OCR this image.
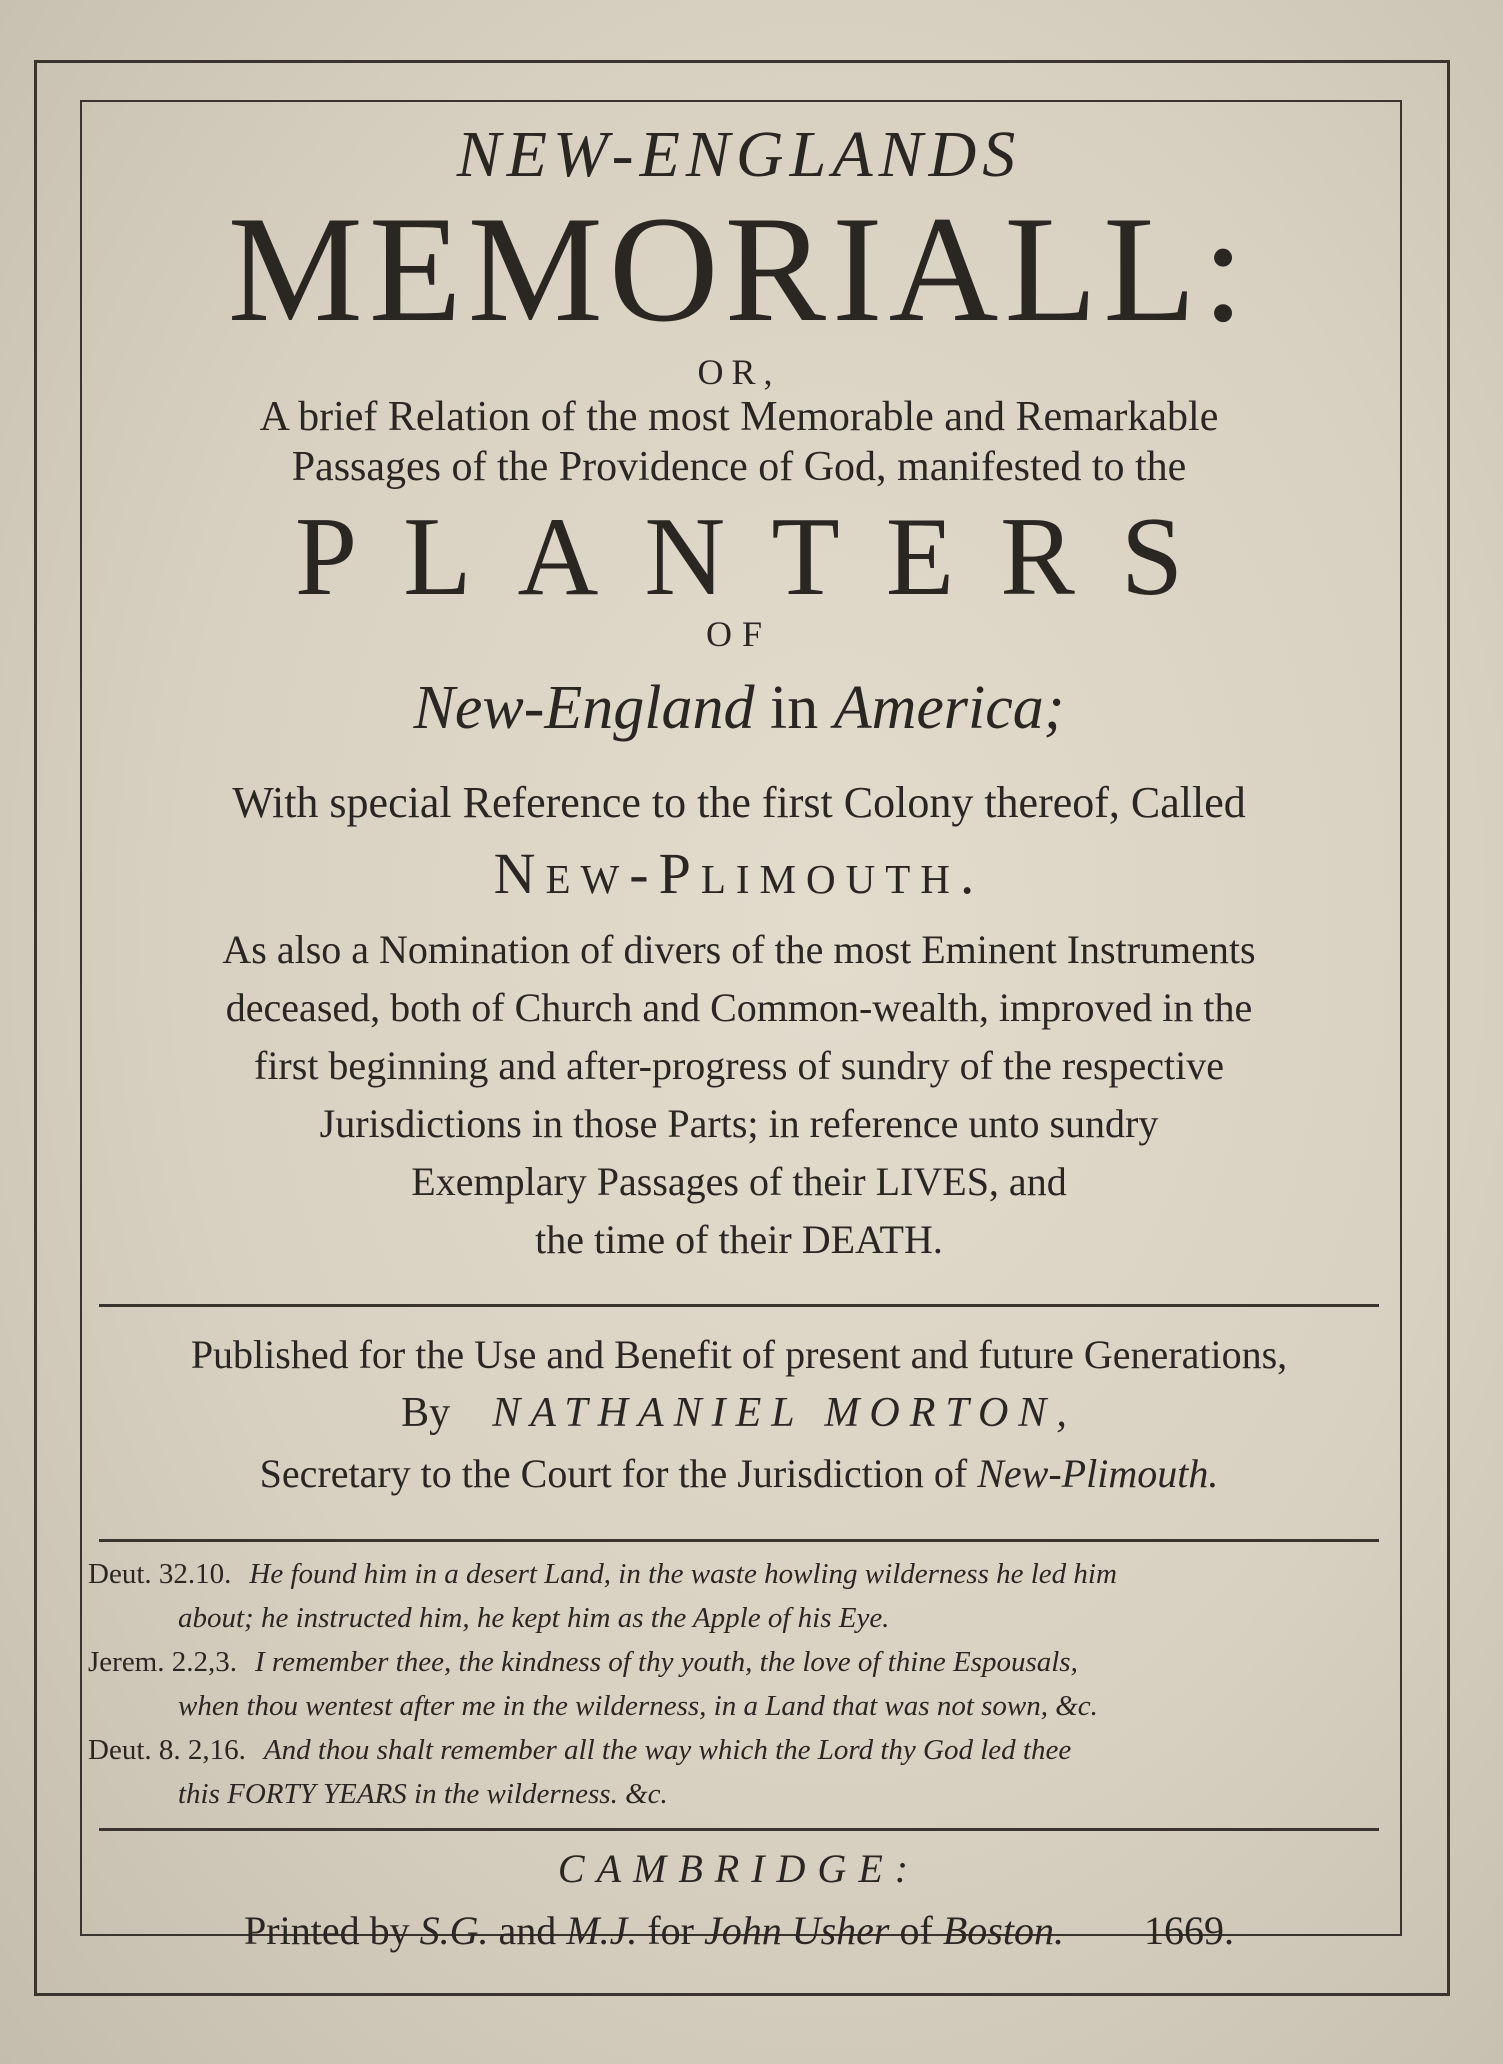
NEW-ENGLANDS
MEMORIALL:
OR,
A brief Relation of the most Memorable and Remarkable
Passages of the Providence of God, manifested to the
PLANTERS
OF
New-England in America;
With special Reference to the first Colony thereof, Called
New-Plimouth.
As also a Nomination of divers of the most Eminent Instruments
deceased, both of Church and Common-wealth, improved in the
first beginning and after-progress of sundry of the respective
Jurisdictions in those Parts; in reference unto sundry
Exemplary Passages of their LIVES, and
the time of their DEATH.
Published for the Use and Benefit of present and future Generations,
By NATHANIEL MORTON,
Secretary to the Court for the Jurisdiction of New-Plimouth.
Deut. 32.10. He found him in a desert Land, in the waste howling wilderness he led him
about; he instructed him, he kept him as the Apple of his Eye.
Jerem. 2.2,3. I remember thee, the kindness of thy youth, the love of thine Espousals,
when thou wentest after me in the wilderness, in a Land that was not sown, &c.
Deut. 8. 2,16. And thou shalt remember all the way which the Lord thy God led thee
this FORTY YEARS in the wilderness. &c.
CAMBRIDGE:
Printed by S.G. and M.J. for John Usher of Boston. 1669.
